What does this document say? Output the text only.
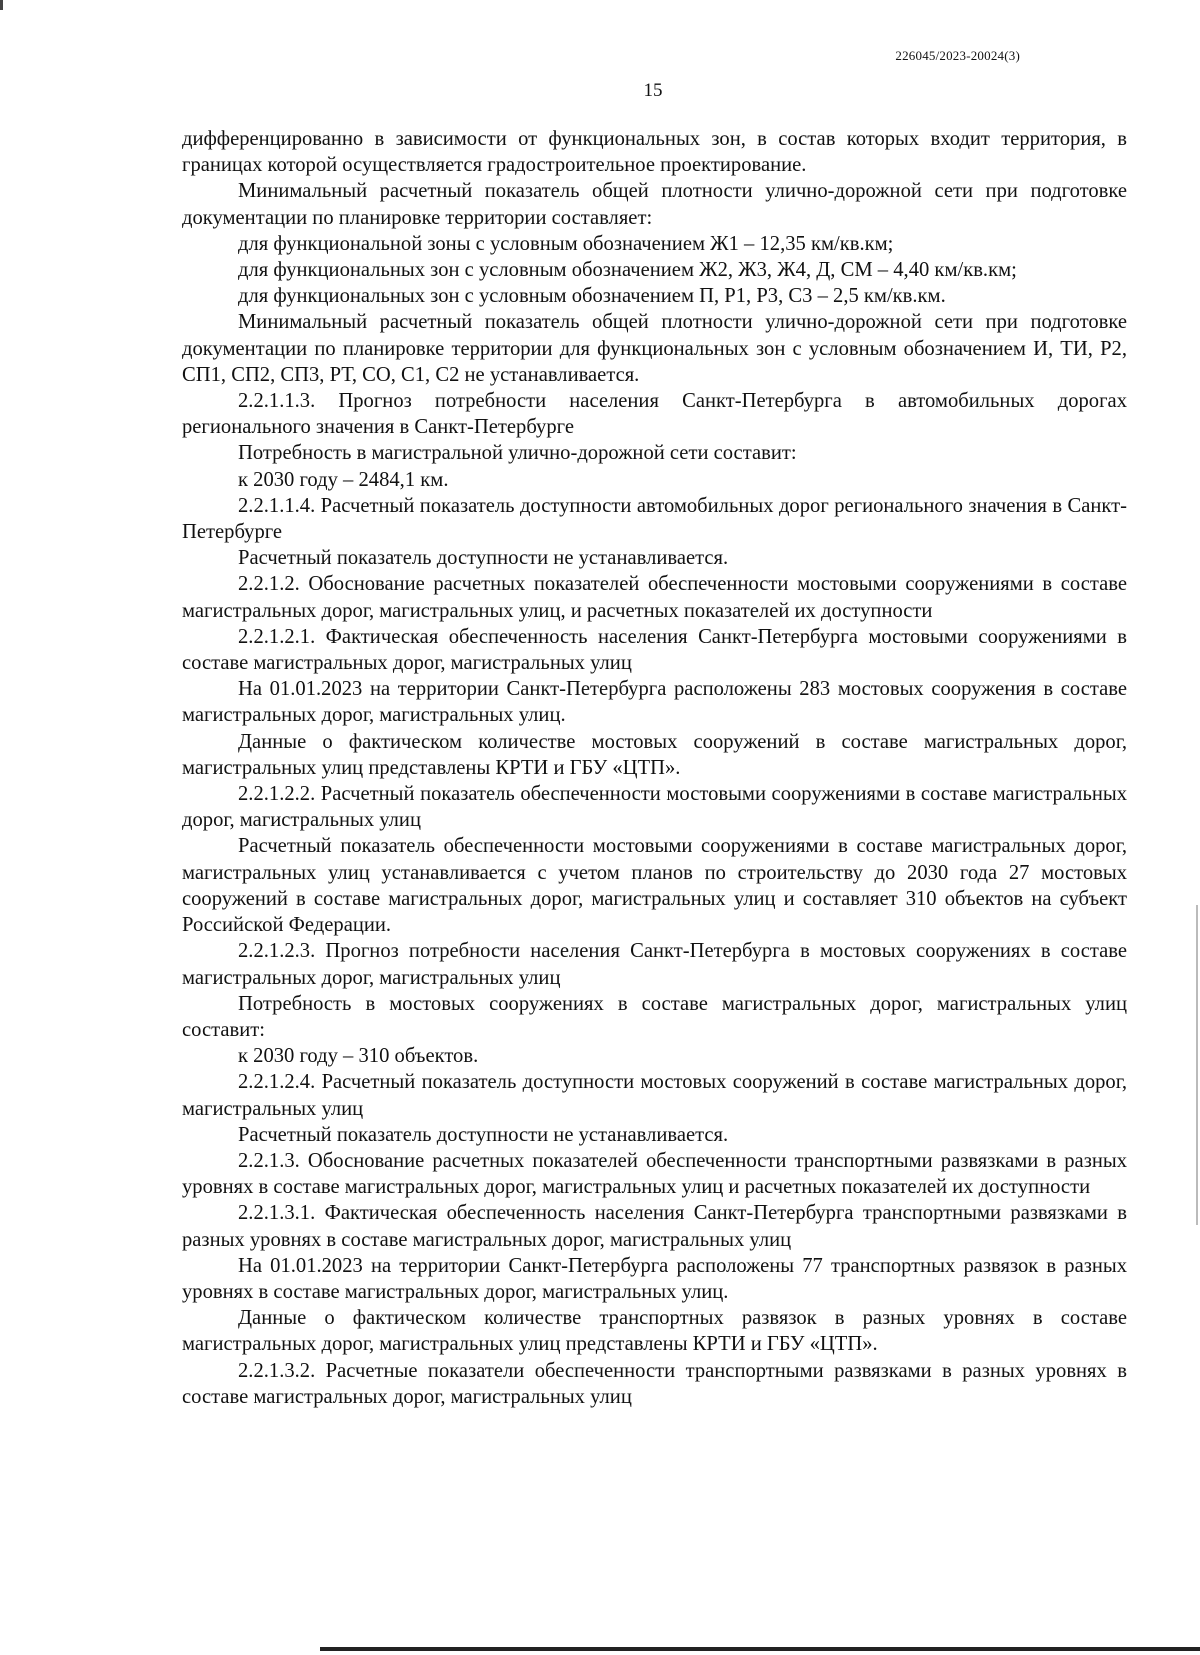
226045/2023-20024(3)
15

дифференцированно в зависимости от функциональных зон, в состав которых входит территория, в границах которой осуществляется градостроительное проектирование.

Минимальный расчетный показатель общей плотности улично-дорожной сети при подготовке документации по планировке территории составляет:

для функциональной зоны с условным обозначением Ж1 – 12,35 км/кв.км;

для функциональных зон с условным обозначением Ж2, Ж3, Ж4, Д, СМ – 4,40 км/кв.км;

для функциональных зон с условным обозначением П, Р1, Р3, С3 – 2,5 км/кв.км.

Минимальный расчетный показатель общей плотности улично-дорожной сети при подготовке документации по планировке территории для функциональных зон с условным обозначением И, ТИ, Р2, СП1, СП2, СП3, РТ, СО, С1, С2 не устанавливается.

2.2.1.1.3. Прогноз потребности населения Санкт-Петербурга в автомобильных дорогах регионального значения в Санкт-Петербурге

Потребность в магистральной улично-дорожной сети составит:

к 2030 году – 2484,1 км.

2.2.1.1.4. Расчетный показатель доступности автомобильных дорог регионального значения в Санкт-Петербурге

Расчетный показатель доступности не устанавливается.

2.2.1.2. Обоснование расчетных показателей обеспеченности мостовыми сооружениями в составе магистральных дорог, магистральных улиц, и расчетных показателей их доступности

2.2.1.2.1. Фактическая обеспеченность населения Санкт-Петербурга мостовыми сооружениями в составе магистральных дорог, магистральных улиц

На 01.01.2023 на территории Санкт-Петербурга расположены 283 мостовых сооружения в составе магистральных дорог, магистральных улиц.

Данные о фактическом количестве мостовых сооружений в составе магистральных дорог, магистральных улиц представлены КРТИ и ГБУ «ЦТП».

2.2.1.2.2. Расчетный показатель обеспеченности мостовыми сооружениями в составе магистральных дорог, магистральных улиц

Расчетный показатель обеспеченности мостовыми сооружениями в составе магистральных дорог, магистральных улиц устанавливается с учетом планов по строительству до 2030 года 27 мостовых сооружений в составе магистральных дорог, магистральных улиц и составляет 310 объектов на субъект Российской Федерации.

2.2.1.2.3. Прогноз потребности населения Санкт-Петербурга в мостовых сооружениях в составе магистральных дорог, магистральных улиц

Потребность в мостовых сооружениях в составе магистральных дорог, магистральных улиц составит:

к 2030 году – 310 объектов.

2.2.1.2.4. Расчетный показатель доступности мостовых сооружений в составе магистральных дорог, магистральных улиц

Расчетный показатель доступности не устанавливается.

2.2.1.3. Обоснование расчетных показателей обеспеченности транспортными развязками в разных уровнях в составе магистральных дорог, магистральных улиц и расчетных показателей их доступности

2.2.1.3.1. Фактическая обеспеченность населения Санкт-Петербурга транспортными развязками в разных уровнях в составе магистральных дорог, магистральных улиц

На 01.01.2023 на территории Санкт-Петербурга расположены 77 транспортных развязок в разных уровнях в составе магистральных дорог, магистральных улиц.

Данные о фактическом количестве транспортных развязок в разных уровнях в составе магистральных дорог, магистральных улиц представлены КРТИ и ГБУ «ЦТП».

2.2.1.3.2. Расчетные показатели обеспеченности транспортными развязками в разных уровнях в составе магистральных дорог, магистральных улиц
